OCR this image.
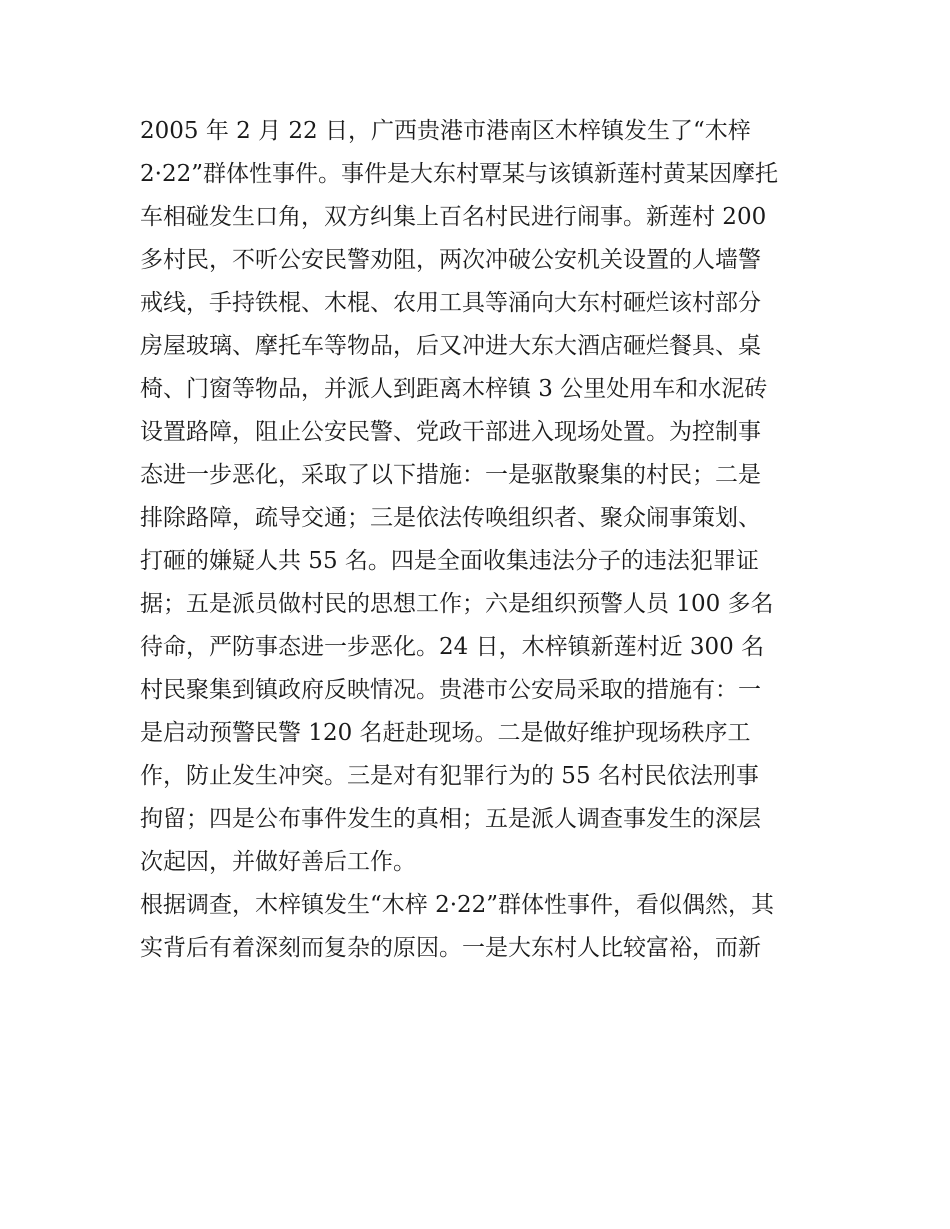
2005 年 2 月 22 日，广西贵港市港南区木梓镇发生了“木梓
2·22”群体性事件。事件是大东村覃某与该镇新莲村黄某因摩托
车相碰发生口角，双方纠集上百名村民进行闹事。新莲村 200
多村民，不听公安民警劝阻，两次冲破公安机关设置的人墙警
戒线，手持铁棍、木棍、农用工具等涌向大东村砸烂该村部分
房屋玻璃、摩托车等物品，后又冲进大东大酒店砸烂餐具、桌
椅、门窗等物品，并派人到距离木梓镇 3 公里处用车和水泥砖
设置路障，阻止公安民警、党政干部进入现场处置。为控制事
态进一步恶化，采取了以下措施：一是驱散聚集的村民；二是
排除路障，疏导交通；三是依法传唤组织者、聚众闹事策划、
打砸的嫌疑人共 55 名。四是全面收集违法分子的违法犯罪证
据；五是派员做村民的思想工作；六是组织预警人员 100 多名
待命，严防事态进一步恶化。24 日，木梓镇新莲村近 300 名
村民聚集到镇政府反映情况。贵港市公安局采取的措施有：一
是启动预警民警 120 名赶赴现场。二是做好维护现场秩序工
作，防止发生冲突。三是对有犯罪行为的 55 名村民依法刑事
拘留；四是公布事件发生的真相；五是派人调查事发生的深层
次起因，并做好善后工作。
根据调查，木梓镇发生“木梓 2·22”群体性事件，看似偶然，其
实背后有着深刻而复杂的原因。一是大东村人比较富裕，而新
